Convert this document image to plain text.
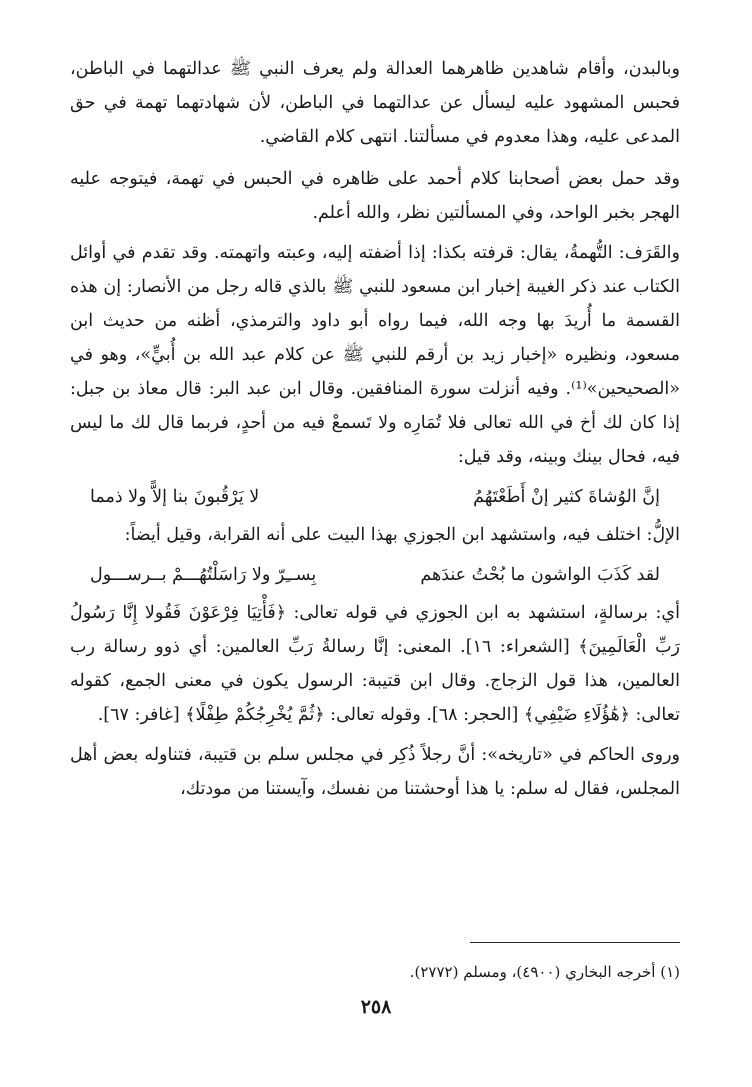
وبالبدن، وأقام شاهدين ظاهرهما العدالة ولم يعرف النبي ﷺ عدالتهما في الباطن، فحبس المشهود عليه ليسأل عن عدالتهما في الباطن، لأن شهادتهما تهمة في حق المدعى عليه، وهذا معدوم في مسألتنا. انتهى كلام القاضي.

وقد حمل بعض أصحابنا كلام أحمد على ظاهره في الحبس في تهمة، فيتوجه عليه الهجر بخبر الواحد، وفي المسألتين نظر، والله أعلم.

والقَرَف: التُّهمةُ، يقال: قرفته بكذا: إذا أضفته إليه، وعبته واتهمته. وقد تقدم في أوائل الكتاب عند ذكر الغيبة إخبار ابن مسعود للنبي ﷺ بالذي قاله رجل من الأنصار: إن هذه القسمة ما أُريدَ بها وجه الله، فيما رواه أبو داود والترمذي، أظنه من حديث ابن مسعود، ونظيره «إخبار زيد بن أرقم للنبي ﷺ عن كلام عبد الله بن أُبيٍّ»، وهو في «الصحيحين»⁽¹⁾. وفيه أنزلت سورة المنافقين. وقال ابن عبد البر: قال معاذ بن جبل: إذا كان لك أخ في الله تعالى فلا تُمَارِه ولا تَسمعْ فيه من أحدٍ، فربما قال لك ما ليس فيه، فحال بينك وبينه، وقد قيل:

إنَّ الوُشاةَ كثير إنْ أَطَعْتَهُمُ
لا يَرْقُبونَ بنا إلاًّ ولا ذمما

الإلُّ: اختلف فيه، واستشهد ابن الجوزي بهذا البيت على أنه القرابة، وقيل أيضاً:

لقد كَذَبَ الواشون ما بُحْتُ عندَهم
بِســِرّ ولا رَاسَلْتُهُـــمْ بــرســـول

أي: برسالةٍ، استشهد به ابن الجوزي في قوله تعالى: ﴿فَأْتِيَا فِرْعَوْنَ فَقُولا إِنَّا رَسُولُ رَبِّ الْعَالَمِينَ﴾ [الشعراء: ١٦]. المعنى: إنَّا رسالةُ رَبِّ العالمين: أي ذوو رسالة رب العالمين، هذا قول الزجاج. وقال ابن قتيبة: الرسول يكون في معنى الجمع، كقوله تعالى: ﴿هَٰؤُلَاءِ ضَيْفِي﴾ [الحجر: ٦٨]. وقوله تعالى: ﴿ثُمَّ يُخْرِجُكُمْ طِفْلًا﴾ [غافر: ٦٧].

وروى الحاكم في «تاريخه»: أنَّ رجلاً ذُكِر في مجلس سلم بن قتيبة، فتناوله بعض أهل المجلس، فقال له سلم: يا هذا أوحشتنا من نفسك، وآيستنا من مودتك،

(١) أخرجه البخاري (٤٩٠٠)، ومسلم (٢٧٧٢).
٢٥٨
